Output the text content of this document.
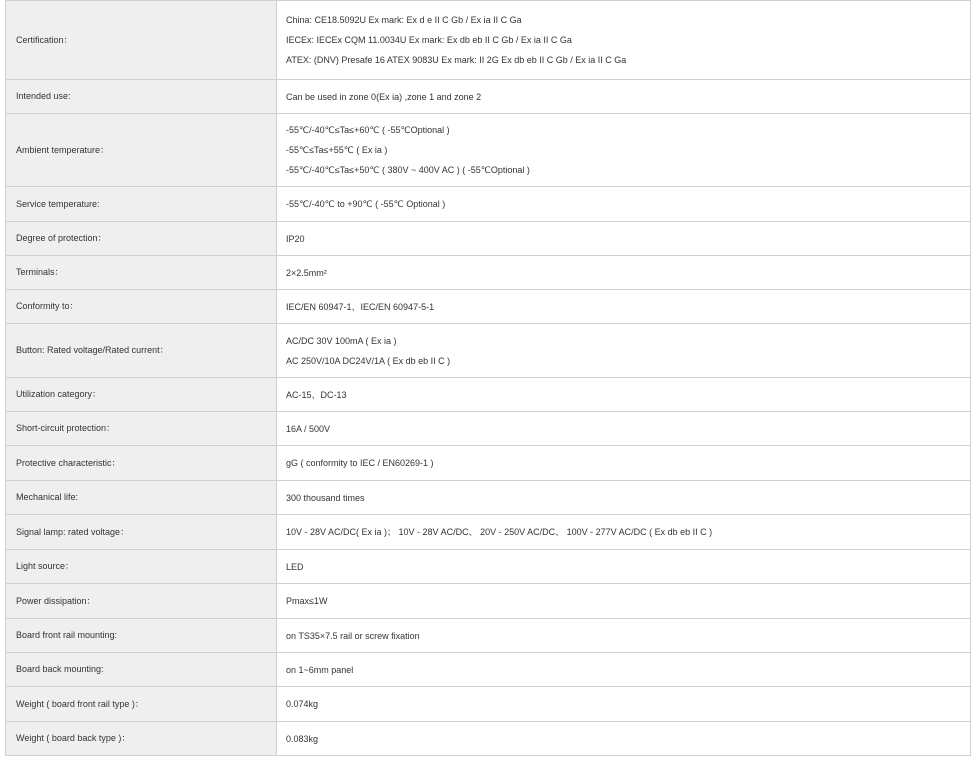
Certification：	China: CE18.5092U Ex mark: Ex d e II C Gb / Ex ia II C Ga
IECEx: IECEx CQM 11.0034U Ex mark: Ex db eb II C Gb / Ex ia II C Ga
ATEX: (DNV) Presafe 16 ATEX 9083U Ex mark: II 2G Ex db eb II C Gb / Ex ia II C Ga

Intended use:	Can be used in zone 0(Ex ia) ,zone 1 and zone 2

Ambient temperature：	-55℃/-40℃≤Ta≤+60℃ ( -55℃Optional )
-55℃≤Ta≤+55℃ ( Ex ia )
-55℃/-40℃≤Ta≤+50℃ ( 380V ~ 400V AC ) ( -55℃Optional )

Service temperature:	-55℃/-40℃ to +90℃ ( -55℃ Optional )

Degree of protection：	IP20

Terminals：	2×2.5mm²

Conformity to：	IEC/EN 60947-1、IEC/EN 60947-5-1

Button: Rated voltage/Rated current：	AC/DC 30V 100mA ( Ex ia )
AC 250V/10A DC24V/1A ( Ex db eb II C )

Utilization category：	AC-15、DC-13

Short-circuit protection：	16A / 500V

Protective characteristic：	gG ( conformity to IEC / EN60269-1 )

Mechanical life:	300 thousand times

Signal lamp: rated voltage：	10V - 28V AC/DC( Ex ia )； 10V - 28V AC/DC、 20V - 250V AC/DC、 100V - 277V AC/DC ( Ex db eb II C )

Light source：	LED

Power dissipation：	Pmax≤1W

Board front rail mounting:	on TS35×7.5 rail or screw fixation

Board back mounting:	on 1~6mm panel

Weight ( board front rail type )：	0.074kg

Weight ( board back type )：	0.083kg
